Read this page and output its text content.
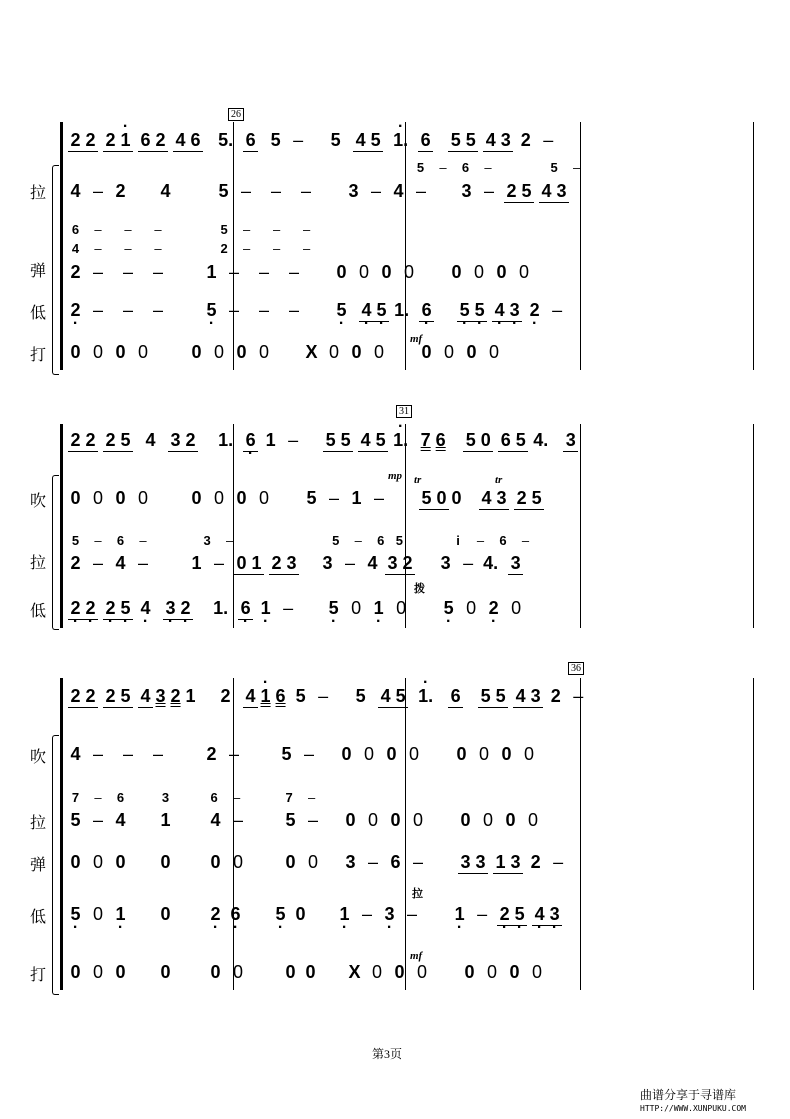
26
2 2 2 · 1 6 2 4 6 5. 6 5 – 5 4 5 · 1. 6 5 5 4 3 2 –
拉
弹
低
打
4 – 2 4	5 – – – 3 – 4 – 3 – 2 5 4 3
5 – 6 –	5 –
6 – – –	5 – – –
4 – – –	2 – – –
2 – – – 1 – – – 0 0 0 0 0 0 0 0
2 · – – – 5 · – – – 5 · 4 · 5 · 1. 6 · 5 · 5 · 4 · 3 · 2 · –
mf
0 0 0 0 0 0 0 0 X 0 0 0 0 0 0 0
31
2 2 2 5 4 3 2 1. 6 · 1 – 5 5 4 5 · 1. 7 6 5 0 6 5 4. 3
吹
拉
低
mp tr	tr
0 0 0 0 0 0 0 0 5 – 1 – 5 0 0 4 3 2 5
5 – 6 –	3 –	5 – 6 5	i – 6 –
2 – 4 – 1 – 0 1 2 3 3 – 4 3 2 3 – 4. 3
拨
2 · 2 · 2 · 5 · 4 · 3 · 2 · 1. 6 · 1 · – 5 · 0 1 · 0 5 · 0 2 · 0
36
2 2 2 5 4 3 2 1 2 4 · 1 6 5 – 5 4 5 · 1. 6 5 5 4 3 2 –
吹
拉
弹
低
打
4 – – – 2 – 5 – 0 0 0 0 0 0 0 0
7 – 6	3	6 –	7 –
5 – 4 1 4 – 5 – 0 0 0 0 0 0 0 0
0 0 0 0 0 0 0 0 3 – 6 – 3 3 1 3 2 –
拉
5 · 0 1 · 0 2 · 6 · 5 · 0 1 · – 3 · – 1 · – 2 · 5 · 4 · 3 ·
mf
0 0 0 0 0 0 0 0 X 0 0 0 0 0 0 0
第3页
曲谱分享于寻谱库
HTTP://WWW.XUNPUKU.COM
